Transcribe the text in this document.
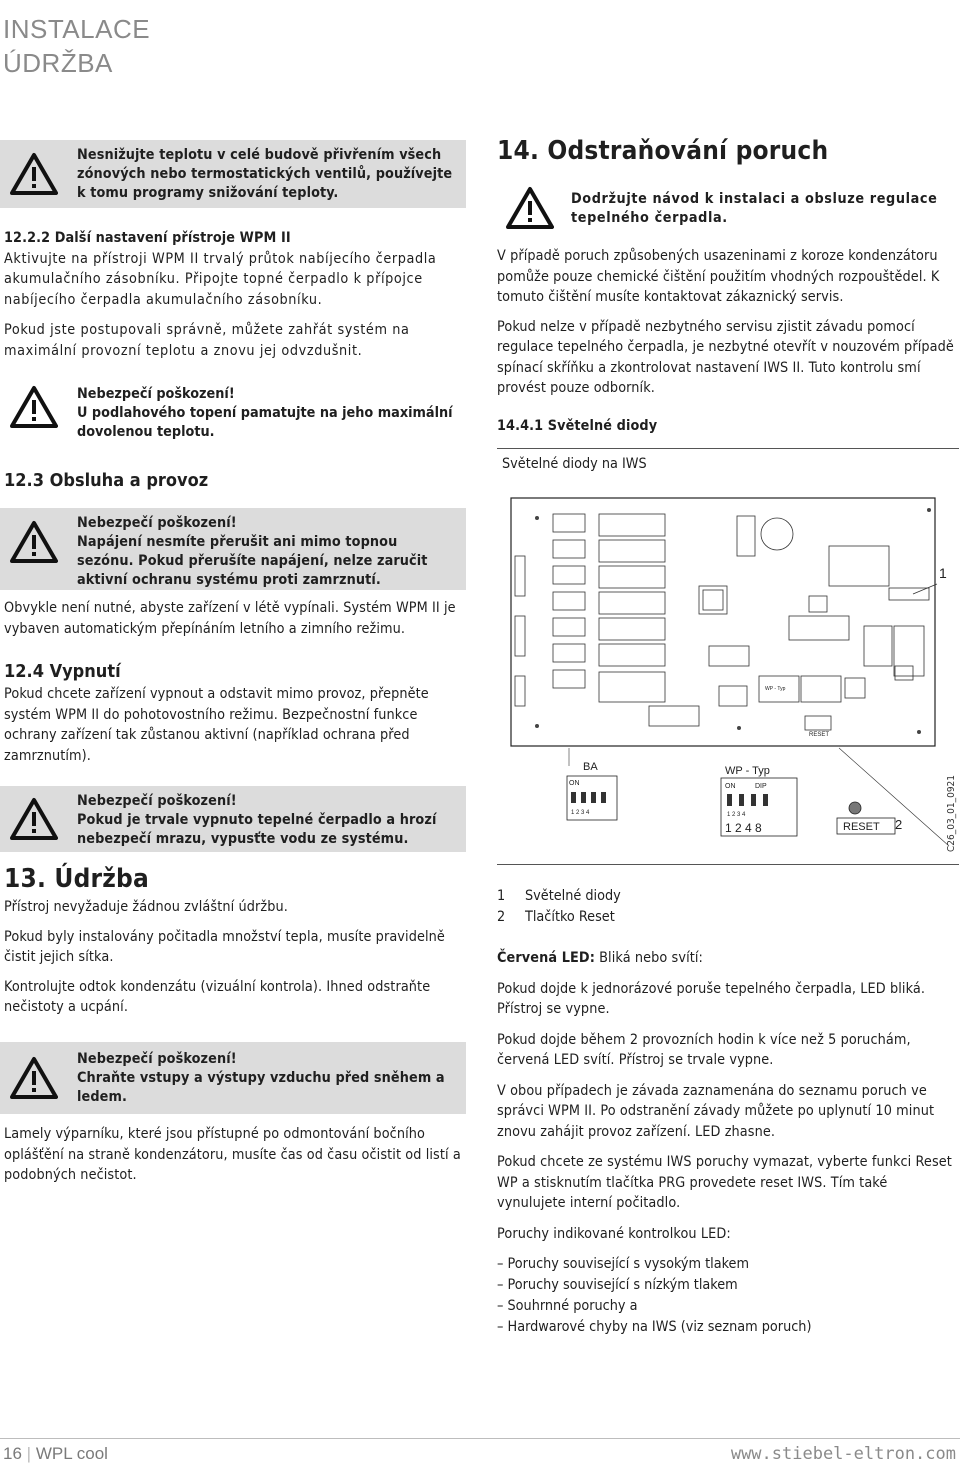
INSTALACE
ÚDRŽBA
Nesnižujte teplotu v celé budově přivřením všech zónových nebo termostatických ventilů, používejte k tomu programy snižování teploty.

12.2.2 Další nastavení přístroje WPM II

Aktivujte na přístroji WPM II trvalý průtok nabíjecího čerpadla akumulačního zásobníku. Připojte topné čerpadlo k přípojce nabíjecího čerpadla akumulačního zásobníku.

Pokud jste postupovali správně, můžete zahřát systém na maximální provozní teplotu a znovu jej odvzdušnit.

Nebezpečí poškození!
U podlahového topení pamatujte na jeho maximální dovolenou teplotu.

12.3 Obsluha a provoz

Nebezpečí poškození!
Napájení nesmíte přerušit ani mimo topnou sezónu. Pokud přerušíte napájení, nelze zaručit aktivní ochranu systému proti zamrznutí.

Obvykle není nutné, abyste zařízení v létě vypínali. Systém WPM II je vybaven automatickým přepínáním letního a zimního režimu.

12.4 Vypnutí

Pokud chcete zařízení vypnout a odstavit mimo provoz, přepněte systém WPM II do pohotovostního režimu. Bezpečnostní funkce ochrany zařízení tak zůstanou aktivní (například ochrana před zamrznutím).

Nebezpečí poškození!
Pokud je trvale vypnuto tepelné čerpadlo a hrozí nebezpečí mrazu, vypusťte vodu ze systému.

13. Údržba

Přístroj nevyžaduje žádnou zvláštní údržbu.

Pokud byly instalovány počitadla množství tepla, musíte pravidelně čistit jejich sítka.

Kontrolujte odtok kondenzátu (vizuální kontrola). Ihned odstraňte nečistoty a ucpání.

Nebezpečí poškození!
Chraňte vstupy a výstupy vzduchu před sněhem a ledem.

Lamely výparníku, které jsou přístupné po odmontování bočního oplášťění na straně kondenzátoru, musíte čas od času očistit od listí a podobných nečistot.

14. Odstraňování poruch

Dodržujte návod k instalaci a obsluze regulace tepelného čerpadla.

V případě poruch způsobených usazeninami z koroze kondenzátoru pomůže pouze chemické čištění použitím vhodných rozpouštědel. K tomuto čištění musíte kontaktovat zákaznický servis.

Pokud nelze v případě nezbytného servisu zjistit závadu pomocí regulace tepelného čerpadla, je nezbytné otevřít v nouzovém případě spínací skříňku a zkontrolovat nastavení IWS II. Tuto kontrolu smí provést pouze odborník.

14.4.1 Světelné diody

Světelné diody na IWS
1
WP - Typ
RESET
BA
ON
1 2 3 4
WP - Typ
ON	DIP
1 2 3 4
1 2 4 8	RESET 2	C26_03_01_0921
1	Světelné diody
2	Tlačítko Reset

Červená LED: Bliká nebo svítí:

Pokud dojde k jednorázové poruše tepelného čerpadla, LED bliká. Přístroj se vypne.

Pokud dojde během 2 provozních hodin k více než 5 poruchám, červená LED svítí. Přístroj se trvale vypne.

V obou případech je závada zaznamenána do seznamu poruch ve správci WPM II. Po odstranění závady můžete po uplynutí 10 minut znovu zahájit provoz zařízení. LED zhasne.

Pokud chcete ze systému IWS poruchy vymazat, vyberte funkci Reset WP a stisknutím tlačítka PRG provedete reset IWS. Tím také vynulujete interní počitadlo.

Poruchy indikované kontrolkou LED:

– Poruchy související s vysokým tlakem
– Poruchy související s nízkým tlakem
– Souhrnné poruchy a
– Hardwarové chyby na IWS (viz seznam poruch)
16 | WPL cool	www.stiebel-eltron.com
